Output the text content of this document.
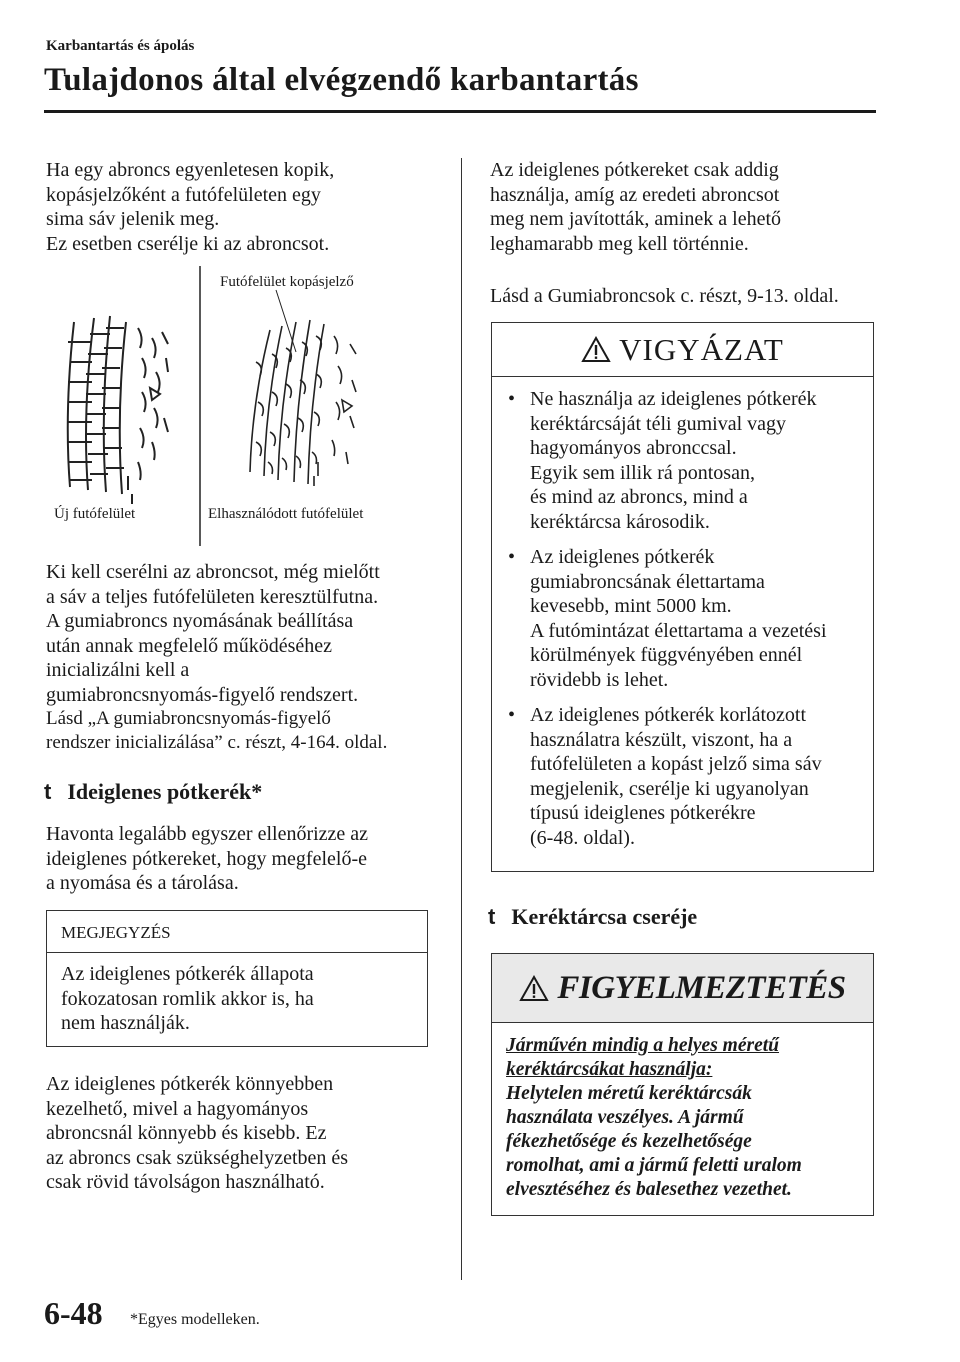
Karbantartás és ápolás
Tulajdonos által elvégzendő karbantartás

Ha egy abroncs egyenletesen kopik,
kopásjelzőként a futófelületen egy
sima sáv jelenik meg.
Ez esetben cserélje ki az abroncsot.

Futófelület kopásjelző
Új futófelület	Elhasználódott futófelület

Ki kell cserélni az abroncsot, még mielőtt
a sáv a teljes futófelületen keresztülfutna.
A gumiabroncs nyomásának beállítása
után annak megfelelő működéséhez
inicializálni kell a
gumiabroncsnyomás-figyelő rendszert.

Lásd „A gumiabroncsnyomás-figyelő
rendszer inicializálása” c. részt, 4-164. oldal.

t Ideiglenes pótkerék*

Havonta legalább egyszer ellenőrizze az
ideiglenes pótkereket, hogy megfelelő-e
a nyomása és a tárolása.

MEGJEGYZÉS
Az ideiglenes pótkerék állapota
fokozatosan romlik akkor is, ha
nem használják.

Az ideiglenes pótkerék könnyebben
kezelhető, mivel a hagyományos
abroncsnál könnyebb és kisebb. Ez
az abroncs csak szükséghelyzetben és
csak rövid távolságon használható.

Az ideiglenes pótkereket csak addig
használja, amíg az eredeti abroncsot
meg nem javították, aminek a lehető
leghamarabb meg kell történnie.

Lásd a Gumiabroncsok c. részt, 9-13. oldal.

VIGYÁZAT
• Ne használja az ideiglenes pótkerék
keréktárcsáját téli gumival vagy
hagyományos abronccsal.
Egyik sem illik rá pontosan,
és mind az abroncs, mind a
keréktárcsa károsodik.
• Az ideiglenes pótkerék
gumiabroncsának élettartama
kevesebb, mint 5000 km.
A futómintázat élettartama a vezetési
körülmények függvényében ennél
rövidebb is lehet.
• Az ideiglenes pótkerék korlátozott
használatra készült, viszont, ha a
futófelületen a kopást jelző sima sáv
megjelenik, cserélje ki ugyanolyan
típusú ideiglenes pótkerékre
(6-48. oldal).
t Keréktárcsa cseréje
FIGYELMEZTETÉS
Járművén mindig a helyes méretű
keréktárcsákat használja:
Helytelen méretű keréktárcsák
használata veszélyes. A jármű
fékezhetősége és kezelhetősége
romolhat, ami a jármű feletti uralom
elvesztéséhez és balesethez vezethet.
6-48 *Egyes modelleken.
